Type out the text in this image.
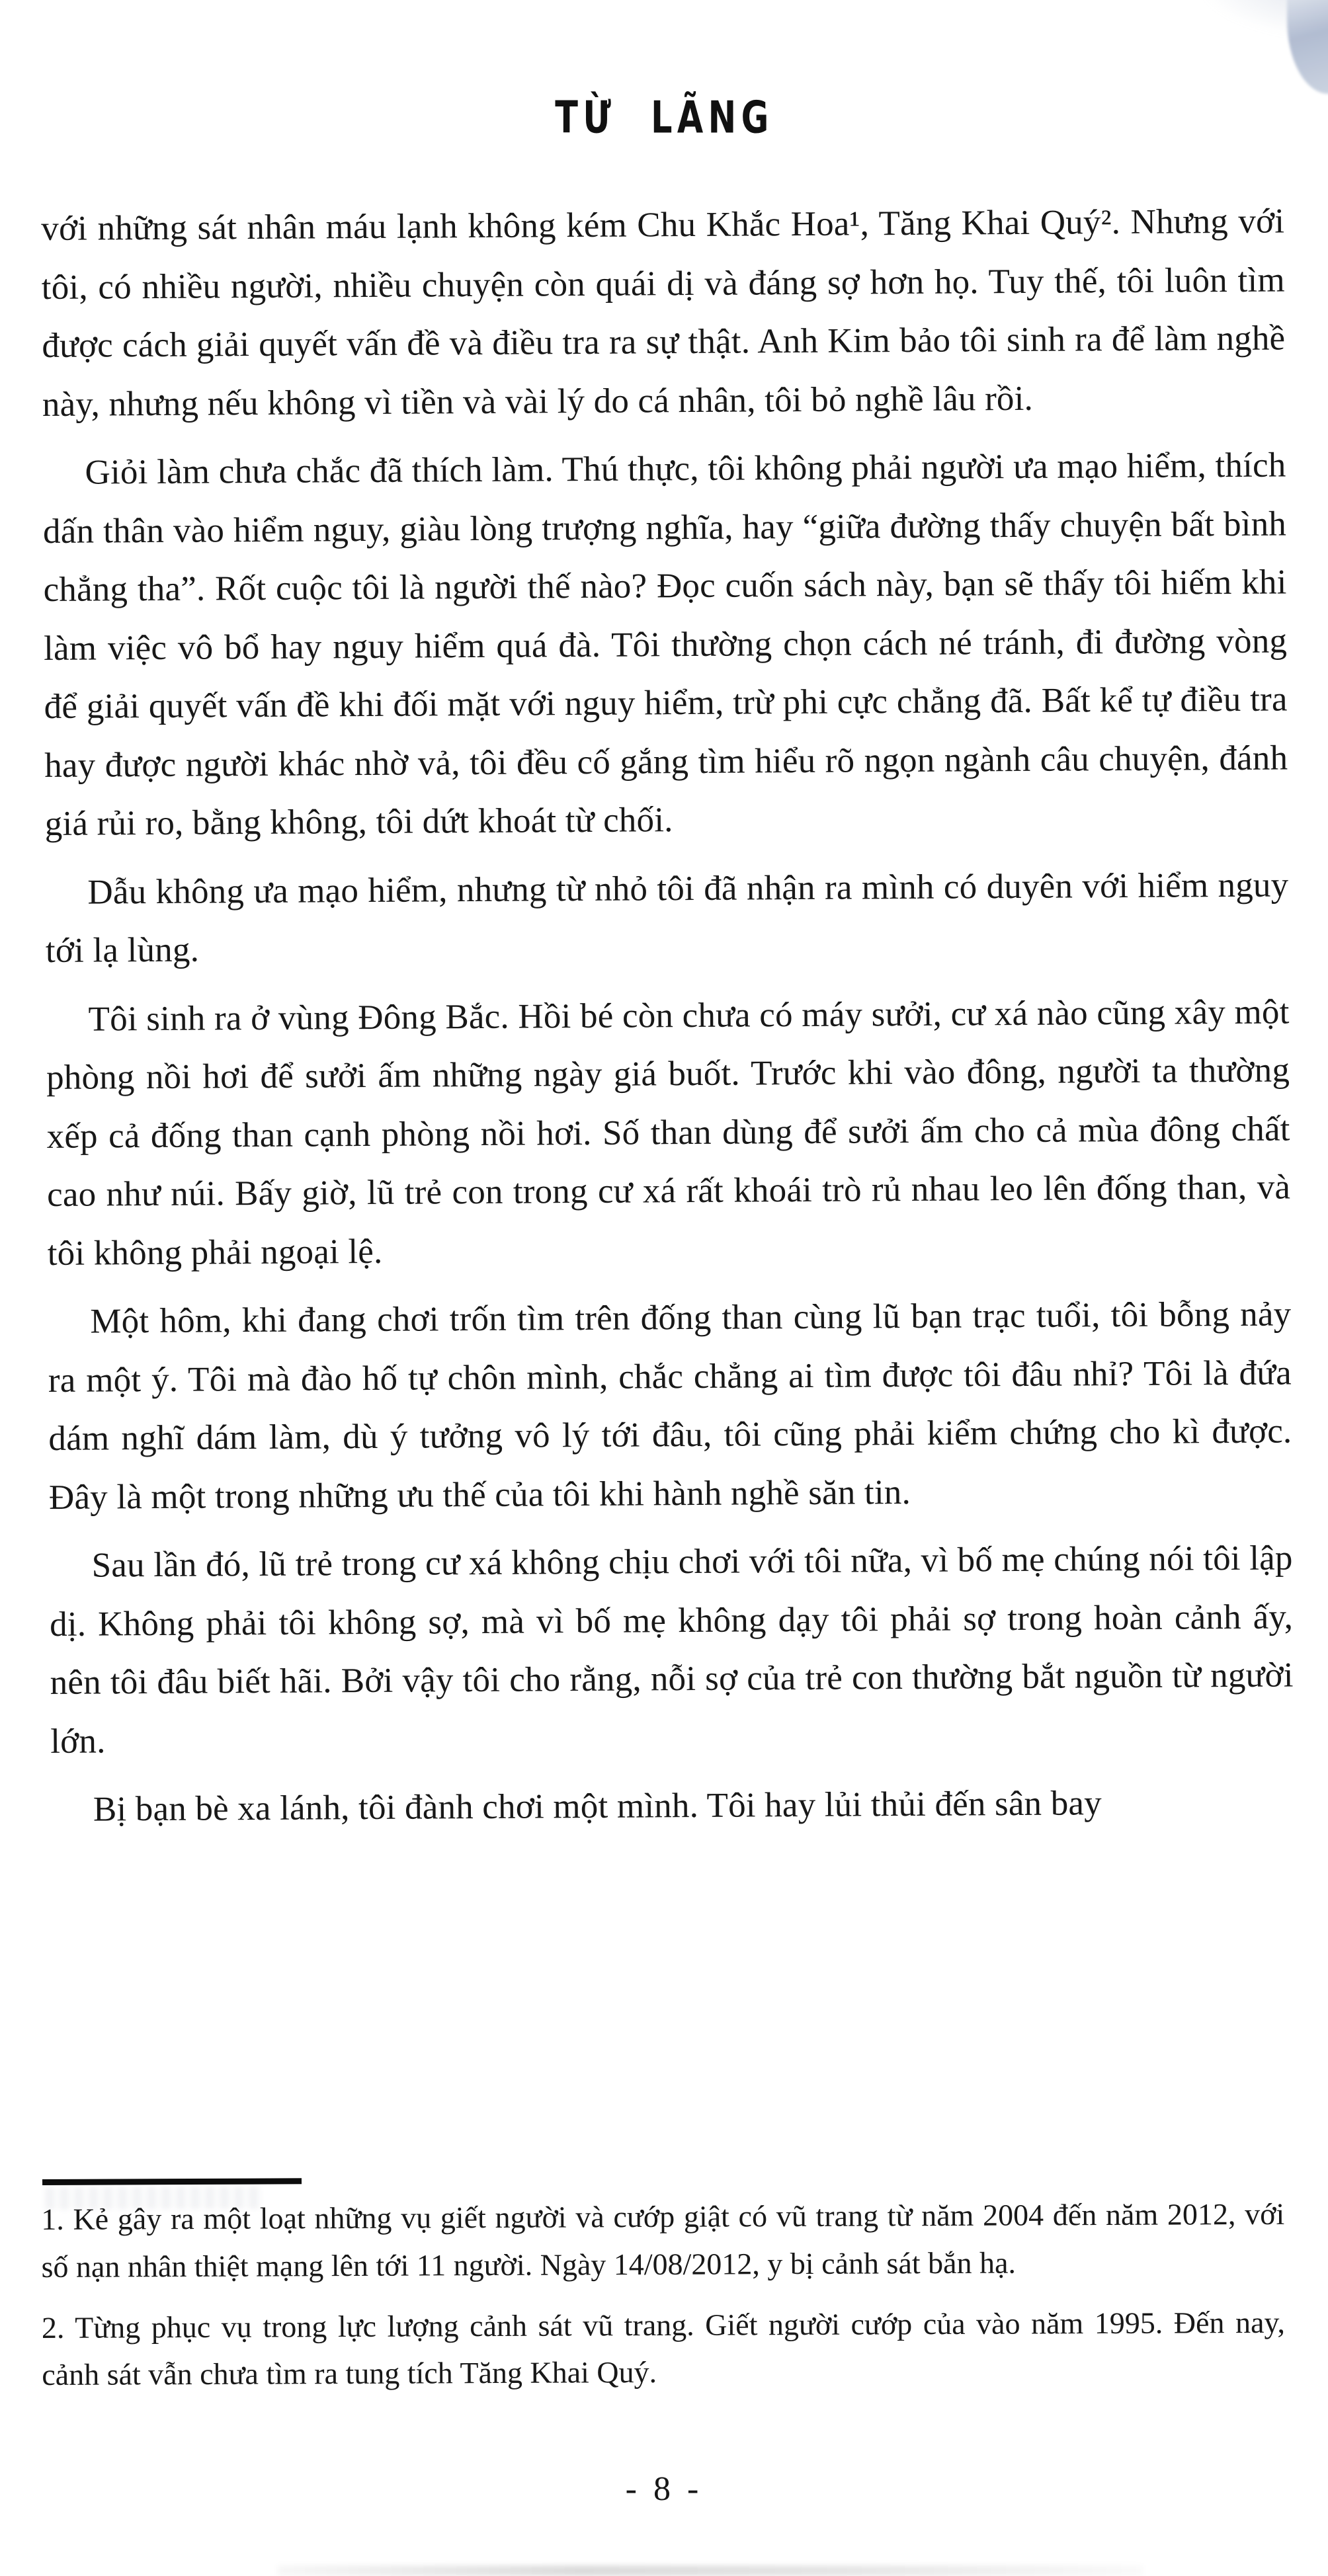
TỪ LÃNG

với những sát nhân máu lạnh không kém Chu Khắc Hoa¹, Tăng Khai Quý². Nhưng với tôi, có nhiều người, nhiều chuyện còn quái dị và đáng sợ hơn họ. Tuy thế, tôi luôn tìm được cách giải quyết vấn đề và điều tra ra sự thật. Anh Kim bảo tôi sinh ra để làm nghề này, nhưng nếu không vì tiền và vài lý do cá nhân, tôi bỏ nghề lâu rồi.

Giỏi làm chưa chắc đã thích làm. Thú thực, tôi không phải người ưa mạo hiểm, thích dấn thân vào hiểm nguy, giàu lòng trượng nghĩa, hay “giữa đường thấy chuyện bất bình chẳng tha”. Rốt cuộc tôi là người thế nào? Đọc cuốn sách này, bạn sẽ thấy tôi hiếm khi làm việc vô bổ hay nguy hiểm quá đà. Tôi thường chọn cách né tránh, đi đường vòng để giải quyết vấn đề khi đối mặt với nguy hiểm, trừ phi cực chẳng đã. Bất kể tự điều tra hay được người khác nhờ vả, tôi đều cố gắng tìm hiểu rõ ngọn ngành câu chuyện, đánh giá rủi ro, bằng không, tôi dứt khoát từ chối.

Dẫu không ưa mạo hiểm, nhưng từ nhỏ tôi đã nhận ra mình có duyên với hiểm nguy tới lạ lùng.

Tôi sinh ra ở vùng Đông Bắc. Hồi bé còn chưa có máy sưởi, cư xá nào cũng xây một phòng nồi hơi để sưởi ấm những ngày giá buốt. Trước khi vào đông, người ta thường xếp cả đống than cạnh phòng nồi hơi. Số than dùng để sưởi ấm cho cả mùa đông chất cao như núi. Bấy giờ, lũ trẻ con trong cư xá rất khoái trò rủ nhau leo lên đống than, và tôi không phải ngoại lệ.

Một hôm, khi đang chơi trốn tìm trên đống than cùng lũ bạn trạc tuổi, tôi bỗng nảy ra một ý. Tôi mà đào hố tự chôn mình, chắc chẳng ai tìm được tôi đâu nhỉ? Tôi là đứa dám nghĩ dám làm, dù ý tưởng vô lý tới đâu, tôi cũng phải kiểm chứng cho kì được. Đây là một trong những ưu thế của tôi khi hành nghề săn tin.

Sau lần đó, lũ trẻ trong cư xá không chịu chơi với tôi nữa, vì bố mẹ chúng nói tôi lập dị. Không phải tôi không sợ, mà vì bố mẹ không dạy tôi phải sợ trong hoàn cảnh ấy, nên tôi đâu biết hãi. Bởi vậy tôi cho rằng, nỗi sợ của trẻ con thường bắt nguồn từ người lớn.

Bị bạn bè xa lánh, tôi đành chơi một mình. Tôi hay lủi thủi đến sân bay

1. Kẻ gây ra một loạt những vụ giết người và cướp giật có vũ trang từ năm 2004 đến năm 2012, với số nạn nhân thiệt mạng lên tới 11 người. Ngày 14/08/2012, y bị cảnh sát bắn hạ.

2. Từng phục vụ trong lực lượng cảnh sát vũ trang. Giết người cướp của vào năm 1995. Đến nay, cảnh sát vẫn chưa tìm ra tung tích Tăng Khai Quý.

- 8 -
